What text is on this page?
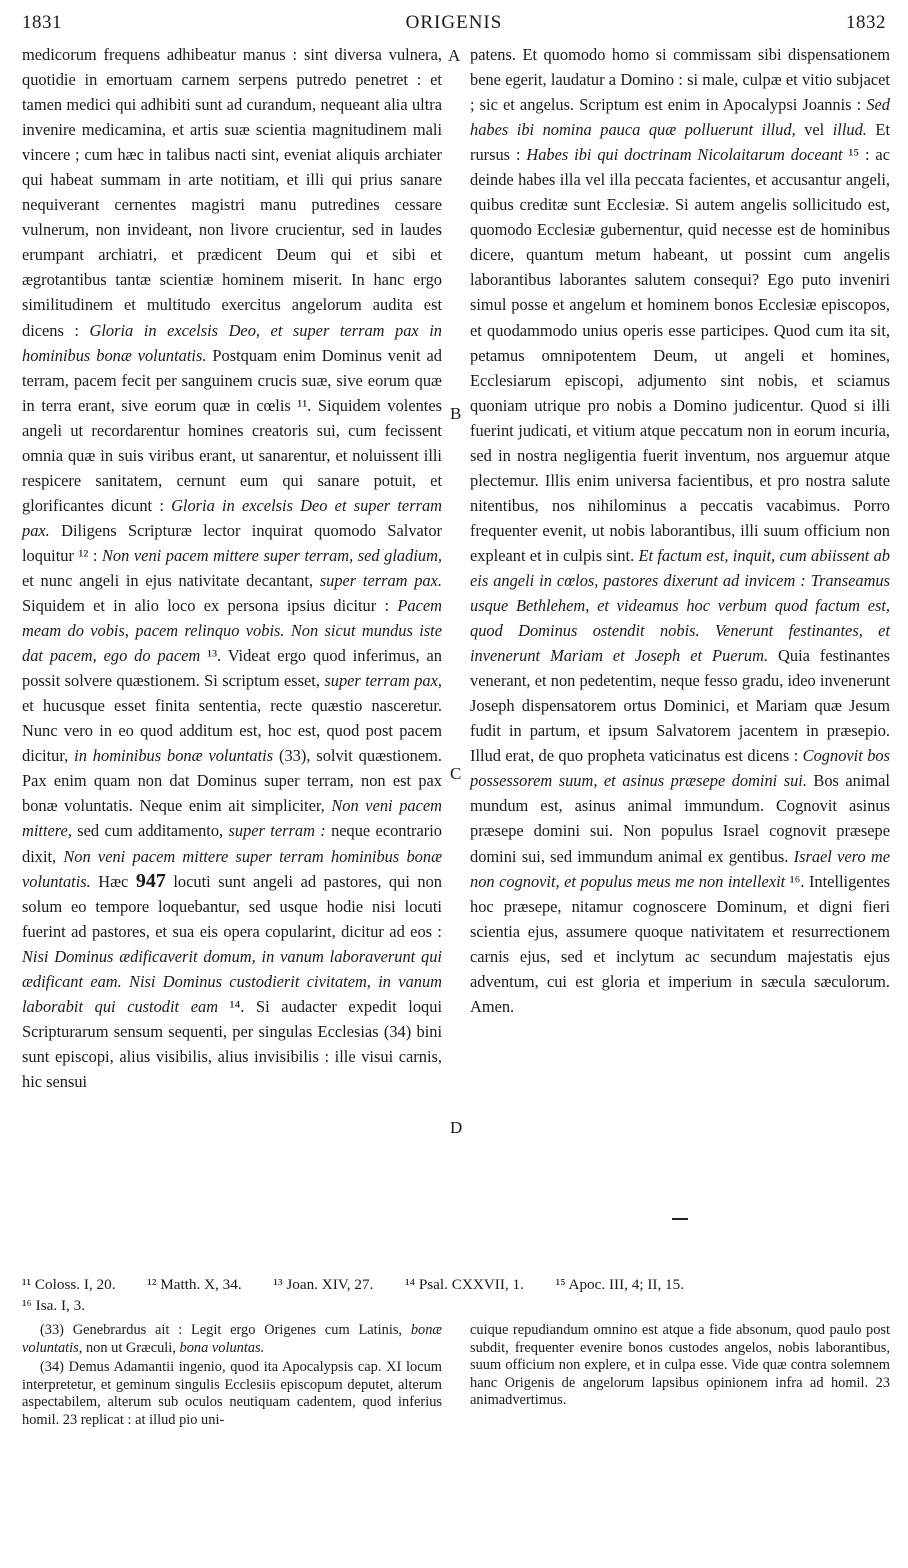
1831	ORIGENIS	1832
A
B
C
D

medicorum frequens adhibeatur manus : sint diversa vulnera, quotidie in emortuam carnem serpens putredo penetret : et tamen medici qui adhibiti sunt ad curandum, nequeant alia ultra invenire medicamina, et artis suæ scientia magnitudinem mali vincere ; cum hæc in talibus nacti sint, eveniat aliquis archiater qui habeat summam in arte notitiam, et illi qui prius sanare nequiverant cernentes magistri manu putredines cessare vulnerum, non invideant, non livore crucientur, sed in laudes erumpant archiatri, et prædicent Deum qui et sibi et ægrotantibus tantæ scientiæ hominem miserit. In hanc ergo similitudinem et multitudo exercitus angelorum audita est dicens : Gloria in excelsis Deo, et super terram pax in hominibus bonæ voluntatis. Postquam enim Dominus venit ad terram, pacem fecit per sanguinem crucis suæ, sive eorum quæ in terra erant, sive eorum quæ in cœlis ¹¹. Siquidem volentes angeli ut recordarentur homines creatoris sui, cum fecissent omnia quæ in suis viribus erant, ut sanarentur, et noluissent illi respicere sanitatem, cernunt eum qui sanare potuit, et glorificantes dicunt : Gloria in excelsis Deo et super terram pax. Diligens Scripturæ lector inquirat quomodo Salvator loquitur ¹² : Non veni pacem mittere super terram, sed gladium, et nunc angeli in ejus nativitate decantant, super terram pax. Siquidem et in alio loco ex persona ipsius dicitur : Pacem meam do vobis, pacem relinquo vobis. Non sicut mundus iste dat pacem, ego do pacem ¹³. Videat ergo quod inferimus, an possit solvere quæstionem. Si scriptum esset, super terram pax, et hucusque esset finita sententia, recte quæstio nasceretur. Nunc vero in eo quod additum est, hoc est, quod post pacem dicitur, in hominibus bonæ voluntatis (33), solvit quæstionem. Pax enim quam non dat Dominus super terram, non est pax bonæ voluntatis. Neque enim ait simpliciter, Non veni pacem mittere, sed cum additamento, super terram : neque econtrario dixit, Non veni pacem mittere super terram hominibus bonæ voluntatis. Hæc 947 locuti sunt angeli ad pastores, qui non solum eo tempore loquebantur, sed usque hodie nisi locuti fuerint ad pastores, et sua eis opera copularint, dicitur ad eos : Nisi Dominus ædificaverit domum, in vanum laboraverunt qui ædificant eam. Nisi Dominus custodierit civitatem, in vanum laborabit qui custodit eam ¹⁴. Si audacter expedit loqui Scripturarum sensum sequenti, per singulas Ecclesias (34) bini sunt episcopi, alius visibilis, alius invisibilis : ille visui carnis, hic sensui

patens. Et quomodo homo si commissam sibi dispensationem bene egerit, laudatur a Domino : si male, culpæ et vitio subjacet ; sic et angelus. Scriptum est enim in Apocalypsi Joannis : Sed habes ibi nomina pauca quæ polluerunt illud, vel illud. Et rursus : Habes ibi qui doctrinam Nicolaitarum doceant ¹⁵ : ac deinde habes illa vel illa peccata facientes, et accusantur angeli, quibus creditæ sunt Ecclesiæ. Si autem angelis sollicitudo est, quomodo Ecclesiæ gubernentur, quid necesse est de hominibus dicere, quantum metum habeant, ut possint cum angelis laborantibus laborantes salutem consequi? Ego puto inveniri simul posse et angelum et hominem bonos Ecclesiæ episcopos, et quodammodo unius operis esse participes. Quod cum ita sit, petamus omnipotentem Deum, ut angeli et homines, Ecclesiarum episcopi, adjumento sint nobis, et sciamus quoniam utrique pro nobis a Domino judicentur. Quod si illi fuerint judicati, et vitium atque peccatum non in eorum incuria, sed in nostra negligentia fuerit inventum, nos arguemur atque plectemur. Illis enim universa facientibus, et pro nostra salute nitentibus, nos nihilominus a peccatis vacabimus. Porro frequenter evenit, ut nobis laborantibus, illi suum officium non expleant et in culpis sint. Et factum est, inquit, cum abiissent ab eis angeli in cœlos, pastores dixerunt ad invicem : Transeamus usque Bethlehem, et videamus hoc verbum quod factum est, quod Dominus ostendit nobis. Venerunt festinantes, et invenerunt Mariam et Joseph et Puerum. Quia festinantes venerant, et non pedetentim, neque fesso gradu, ideo invenerunt Joseph dispensatorem ortus Dominici, et Mariam quæ Jesum fudit in partum, et ipsum Salvatorem jacentem in præsepio. Illud erat, de quo propheta vaticinatus est dicens : Cognovit bos possessorem suum, et asinus præsepe domini sui. Bos animal mundum est, asinus animal immundum. Cognovit asinus præsepe domini sui. Non populus Israel cognovit præsepe domini sui, sed immundum animal ex gentibus. Israel vero me non cognovit, et populus meus me non intellexit ¹⁶. Intelligentes hoc præsepe, nitamur cognoscere Dominum, et digni fieri scientia ejus, assumere quoque nativitatem et resurrectionem carnis ejus, sed et inclytum ac secundum majestatis ejus adventum, cui est gloria et imperium in sæcula sæculorum. Amen.

¹¹ Coloss. I, 20. ¹² Matth. X, 34. ¹³ Joan. XIV, 27. ¹⁴ Psal. CXXVII, 1. ¹⁵ Apoc. III, 4; II, 15.
¹⁶ Isa. I, 3.

(33) Genebrardus ait : Legit ergo Origenes cum Latinis, bonæ voluntatis, non ut Græculi, bona voluntas.

(34) Demus Adamantii ingenio, quod ita Apocalypsis cap. XI locum interpretetur, et geminum singulis Ecclesiis episcopum deputet, alterum aspectabilem, alterum sub oculos neutiquam cadentem, quod inferius homil. 23 replicat : at illud pio uni-

cuique repudiandum omnino est atque a fide absonum, quod paulo post subdit, frequenter evenire bonos custodes angelos, nobis laborantibus, suum officium non explere, et in culpa esse. Vide quæ contra solemnem hanc Origenis de angelorum lapsibus opinionem infra ad homil. 23 animadvertimus.
